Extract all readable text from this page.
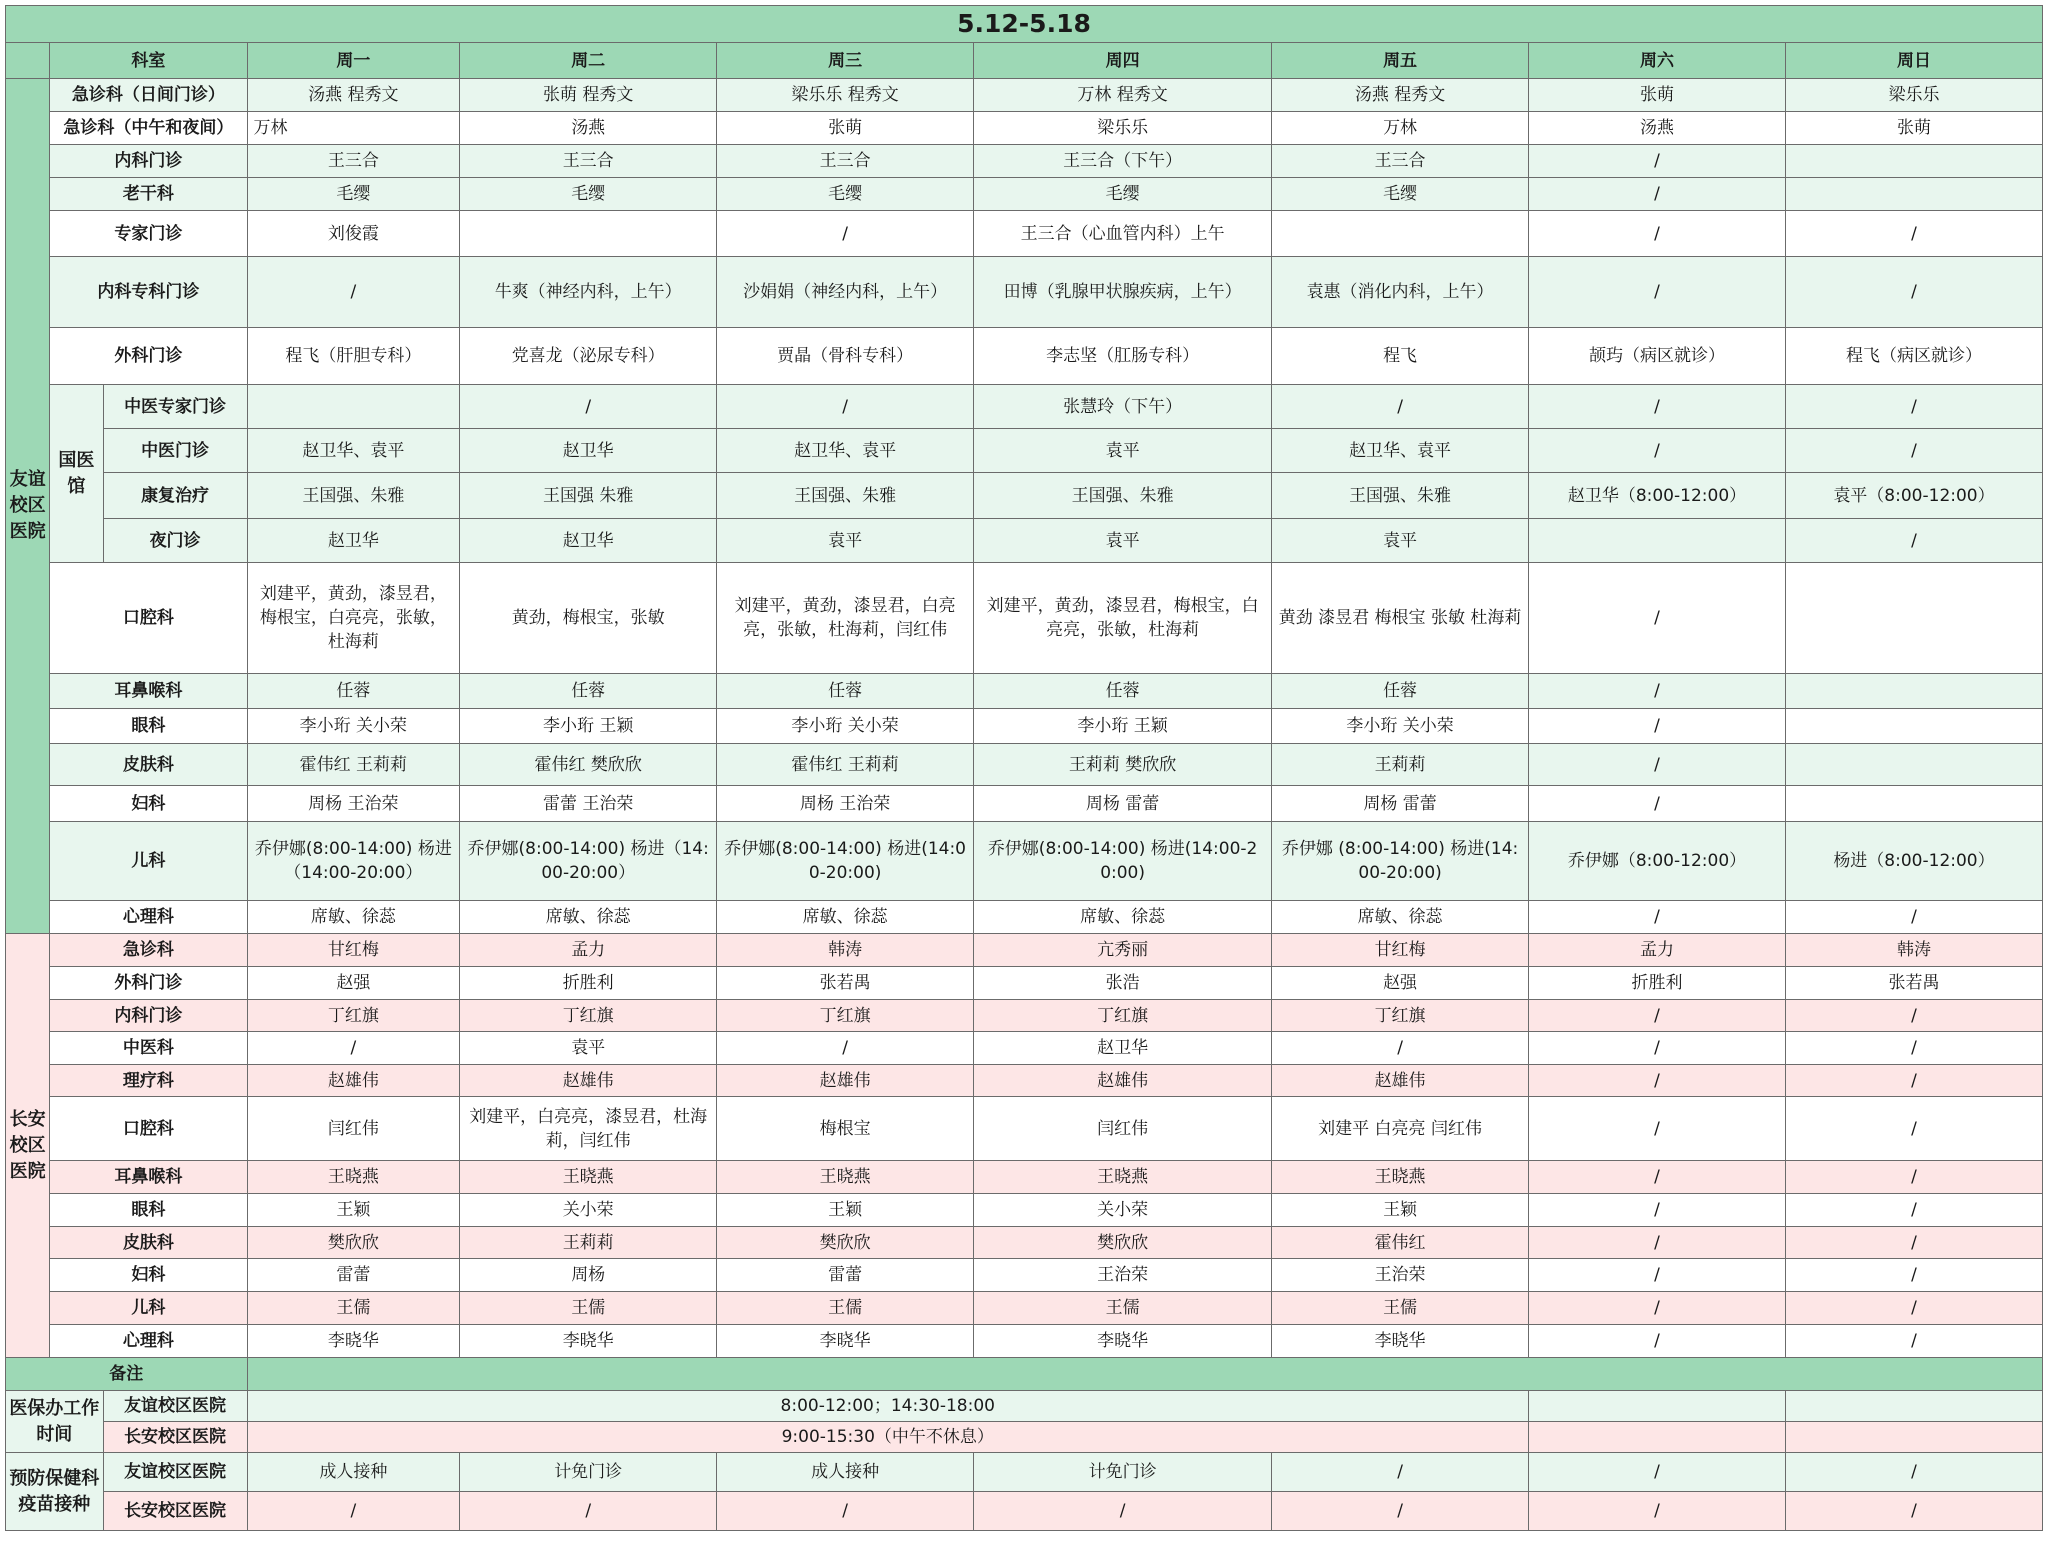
5.12-5.18									
	科室		周一	周二	周三	周四	周五	周六	周日
友谊校区医院	急诊科（日间门诊）		汤燕 程秀文	张萌 程秀文	梁乐乐 程秀文	万林 程秀文	汤燕 程秀文	张萌	梁乐乐
	急诊科（中午和夜间）		万林	汤燕	张萌	梁乐乐	万林	汤燕	张萌
	内科门诊		王三合	王三合	王三合	王三合（下午）	王三合	/	
	老干科		毛缨	毛缨	毛缨	毛缨	毛缨	/	
	专家门诊		刘俊霞		/	王三合（心血管内科）上午		/	/
	内科专科门诊		/	牛爽（神经内科，上午）	沙娟娟（神经内科，上午）	田博（乳腺甲状腺疾病，上午）	袁惠（消化内科，上午）	/	/
	外科门诊		程飞（肝胆专科）	党喜龙（泌尿专科）	贾晶（骨科专科）	李志坚（肛肠专科）	程飞	颉玙（病区就诊）	程飞（病区就诊）
	国医馆	中医专家门诊		/	/	张慧玲（下午）	/	/	/
		中医门诊	赵卫华、袁平	赵卫华	赵卫华、袁平	袁平	赵卫华、袁平	/	/
		康复治疗	王国强、朱雅	王国强 朱雅	王国强、朱雅	王国强、朱雅	王国强、朱雅	赵卫华（8:00-12:00）	袁平（8:00-12:00）
		夜门诊	赵卫华	赵卫华	袁平	袁平	袁平		/
	口腔科		刘建平，黄劲，漆昱君，梅根宝，白亮亮，张敏，杜海莉	黄劲，梅根宝，张敏	刘建平，黄劲，漆昱君，白亮亮，张敏，杜海莉，闫红伟	刘建平，黄劲，漆昱君，梅根宝，白亮亮，张敏，杜海莉	黄劲 漆昱君 梅根宝 张敏 杜海莉	/	
	耳鼻喉科		任蓉	任蓉	任蓉	任蓉	任蓉	/	
	眼科		李小珩 关小荣	李小珩 王颖	李小珩 关小荣	李小珩 王颖	李小珩 关小荣	/	
	皮肤科		霍伟红 王莉莉	霍伟红 樊欣欣	霍伟红 王莉莉	王莉莉 樊欣欣	王莉莉	/	
	妇科		周杨 王治荣	雷蕾 王治荣	周杨 王治荣	周杨 雷蕾	周杨 雷蕾	/	
	儿科		乔伊娜(8:00-14:00) 杨进（14:00-20:00）	乔伊娜(8:00-14:00) 杨进（14:00-20:00）	乔伊娜(8:00-14:00) 杨进(14:00-20:00)	乔伊娜(8:00-14:00) 杨进(14:00-20:00)	乔伊娜 (8:00-14:00) 杨进(14:00-20:00)	乔伊娜（8:00-12:00）	杨进（8:00-12:00）
	心理科		席敏、徐蕊	席敏、徐蕊	席敏、徐蕊	席敏、徐蕊	席敏、徐蕊	/	/
长安校区医院	急诊科		甘红梅	孟力	韩涛	亢秀丽	甘红梅	孟力	韩涛
	外科门诊		赵强	折胜利	张若禺	张浩	赵强	折胜利	张若禺
	内科门诊		丁红旗	丁红旗	丁红旗	丁红旗	丁红旗	/	/
	中医科		/	袁平	/	赵卫华	/	/	/
	理疗科		赵雄伟	赵雄伟	赵雄伟	赵雄伟	赵雄伟	/	/
	口腔科		闫红伟	刘建平，白亮亮，漆昱君，杜海莉，闫红伟	梅根宝	闫红伟	刘建平 白亮亮 闫红伟	/	/
	耳鼻喉科		王晓燕	王晓燕	王晓燕	王晓燕	王晓燕	/	/
	眼科		王颖	关小荣	王颖	关小荣	王颖	/	/
	皮肤科		樊欣欣	王莉莉	樊欣欣	樊欣欣	霍伟红	/	/
	妇科		雷蕾	周杨	雷蕾	王治荣	王治荣	/	/
	儿科		王儒	王儒	王儒	王儒	王儒	/	/
	心理科		李晓华	李晓华	李晓华	李晓华	李晓华	/	/
备注									
医保办工作时间		友谊校区医院	8:00-12:00；14:30-18:00						
		长安校区医院	9:00-15:30（中午不休息）						
预防保健科疫苗接种		友谊校区医院	成人接种	计免门诊	成人接种	计免门诊	/	/	/
		长安校区医院	/	/	/	/	/	/	/
